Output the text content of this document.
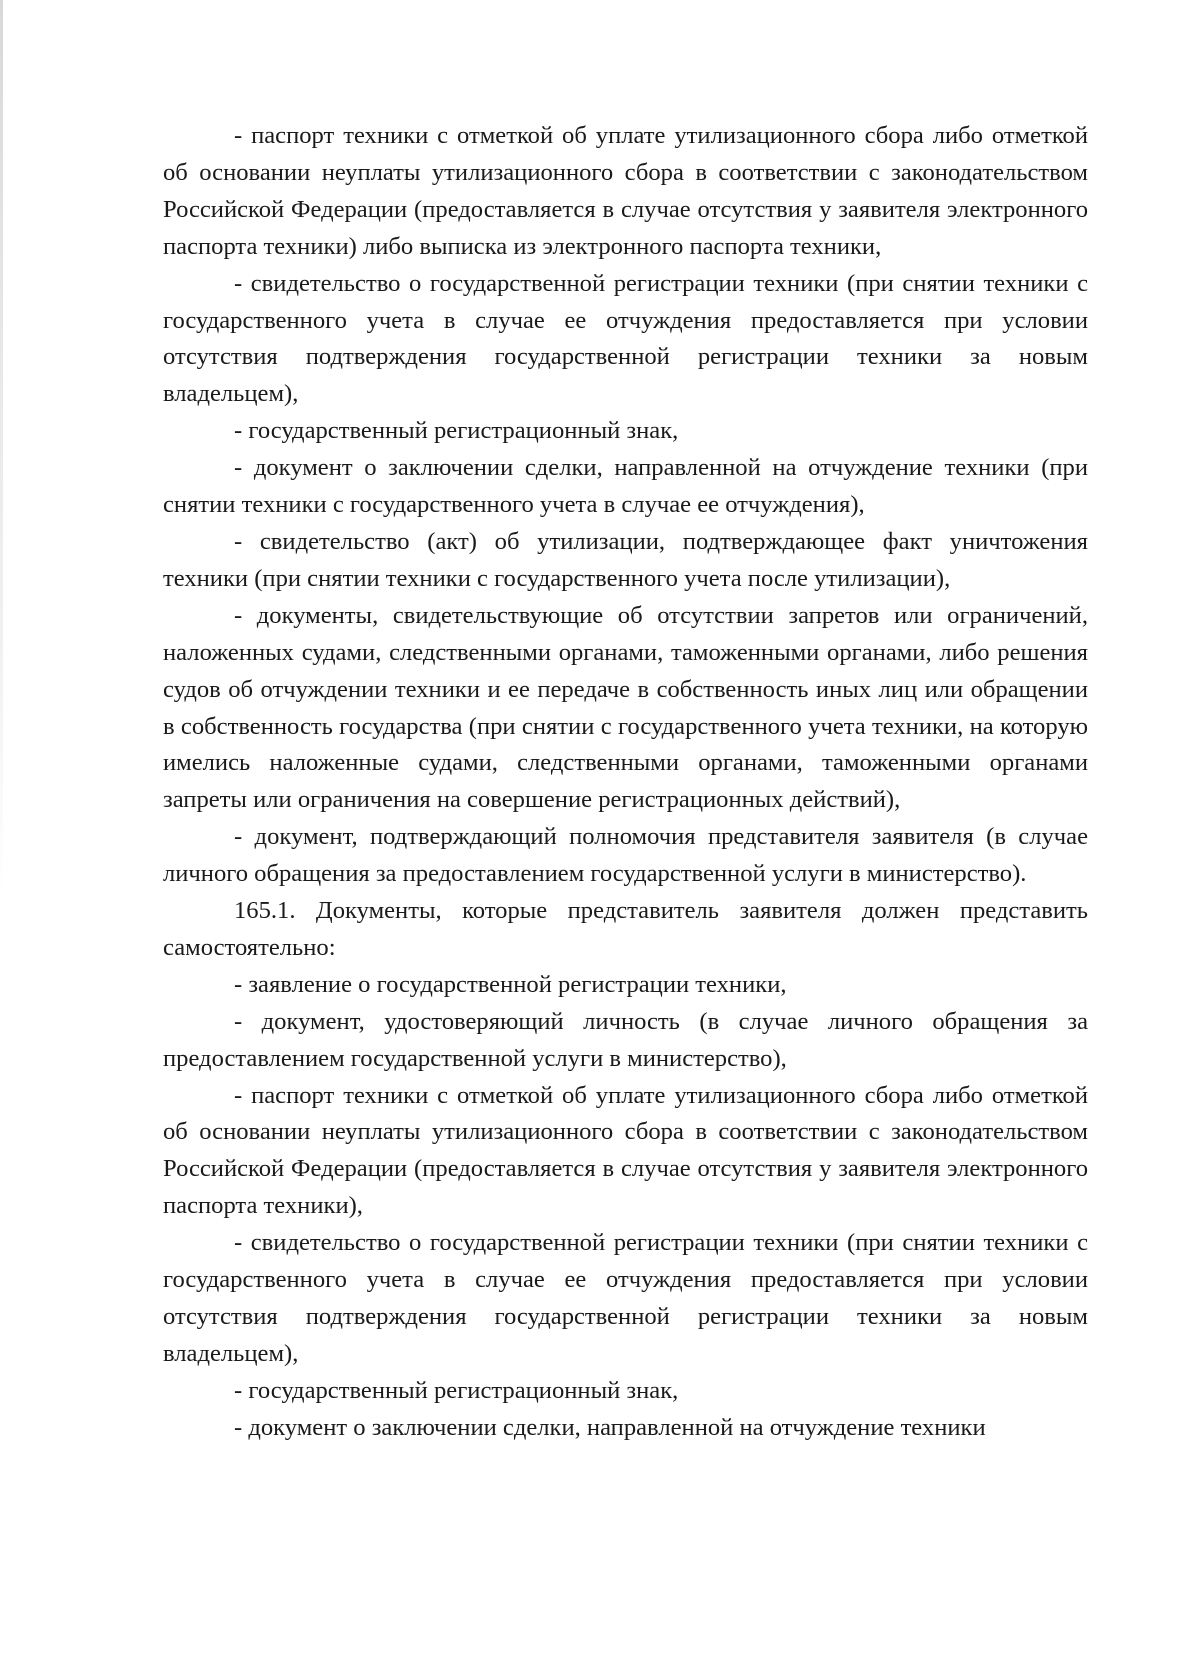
- паспорт техники с отметкой об уплате утилизационного сбора либо отметкой об основании неуплаты утилизационного сбора в соответствии с законодательством Российской Федерации (предоставляется в случае отсутствия у заявителя электронного паспорта техники) либо выписка из электронного паспорта техники,

- свидетельство о государственной регистрации техники (при снятии техники с государственного учета в случае ее отчуждения предоставляется при условии отсутствия подтверждения государственной регистрации техники за новым владельцем),

- государственный регистрационный знак,

- документ о заключении сделки, направленной на отчуждение техники (при снятии техники с государственного учета в случае ее отчуждения),

- свидетельство (акт) об утилизации, подтверждающее факт уничтожения техники (при снятии техники с государственного учета после утилизации),

- документы, свидетельствующие об отсутствии запретов или ограничений, наложенных судами, следственными органами, таможенными органами, либо решения судов об отчуждении техники и ее передаче в собственность иных лиц или обращении в собственность государства (при снятии с государственного учета техники, на которую имелись наложенные судами, следственными органами, таможенными органами запреты или ограничения на совершение регистрационных действий),

- документ, подтверждающий полномочия представителя заявителя (в случае личного обращения за предоставлением государственной услуги в министерство).

165.1. Документы, которые представитель заявителя должен представить самостоятельно:

- заявление о государственной регистрации техники,

- документ, удостоверяющий личность (в случае личного обращения за предоставлением государственной услуги в министерство),

- паспорт техники с отметкой об уплате утилизационного сбора либо отметкой об основании неуплаты утилизационного сбора в соответствии с законодательством Российской Федерации (предоставляется в случае отсутствия у заявителя электронного паспорта техники),

- свидетельство о государственной регистрации техники (при снятии техники с государственного учета в случае ее отчуждения предоставляется при условии отсутствия подтверждения государственной регистрации техники за новым владельцем),

- государственный регистрационный знак,

- документ о заключении сделки, направленной на отчуждение техники
